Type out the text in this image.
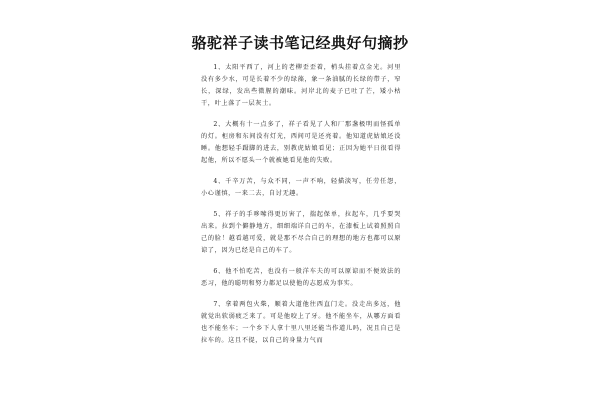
骆驼祥子读书笔记经典好句摘抄

1、太阳平西了，河上的老柳歪歪着，梢头挂着点金光。河里没有多少水，可是长着不少的绿藻，象一条油腻的长绿的带子，窄长，深绿，发出些微腥的潮味。河岸北的麦子已吐了芒，矮小枯干，叶上落了一层灰土。

2、大概有十一点多了，祥子看见了人和厂那盏极明而怪孤单的灯。柜房和东间没有灯光，西间可是还亮着。他知道虎姑娘还没睡。他想轻手蹑脚的进去，别教虎姑娘看见；正因为她平日很看得起他，所以不愿头一个就被她看见他的失败。

4、千辛万苦，与众不同，一声不响，轻描淡写，任劳任怨，小心谨慎，一来二去，自讨无趣。

5、祥子的手哆嗦得更厉害了，揣起保单，拉起车，几乎要哭出来。拉到个僻静地方，细细端详自己的车，在漆板上试着照照自己的脸！越看越可爱，就是那不尽合自己的理想的地方也都可以原谅了，因为已经是自己的车了。

6、他不怕吃苦，也没有一般洋车夫的可以原谅而不便效法的恶习，他的聪明和努力都足以使他的志愿成为事实。

7、拿着两包火柴，顺着大道他往西直门走。没走出多远，他就觉出软弱疲乏来了。可是他咬上了牙。他不能坐车，从哪方面看也不能坐车；一个乡下人拿十里八里还能当作道儿吗，况且自己是拉车的。这且不提，以自己的身量力气而
